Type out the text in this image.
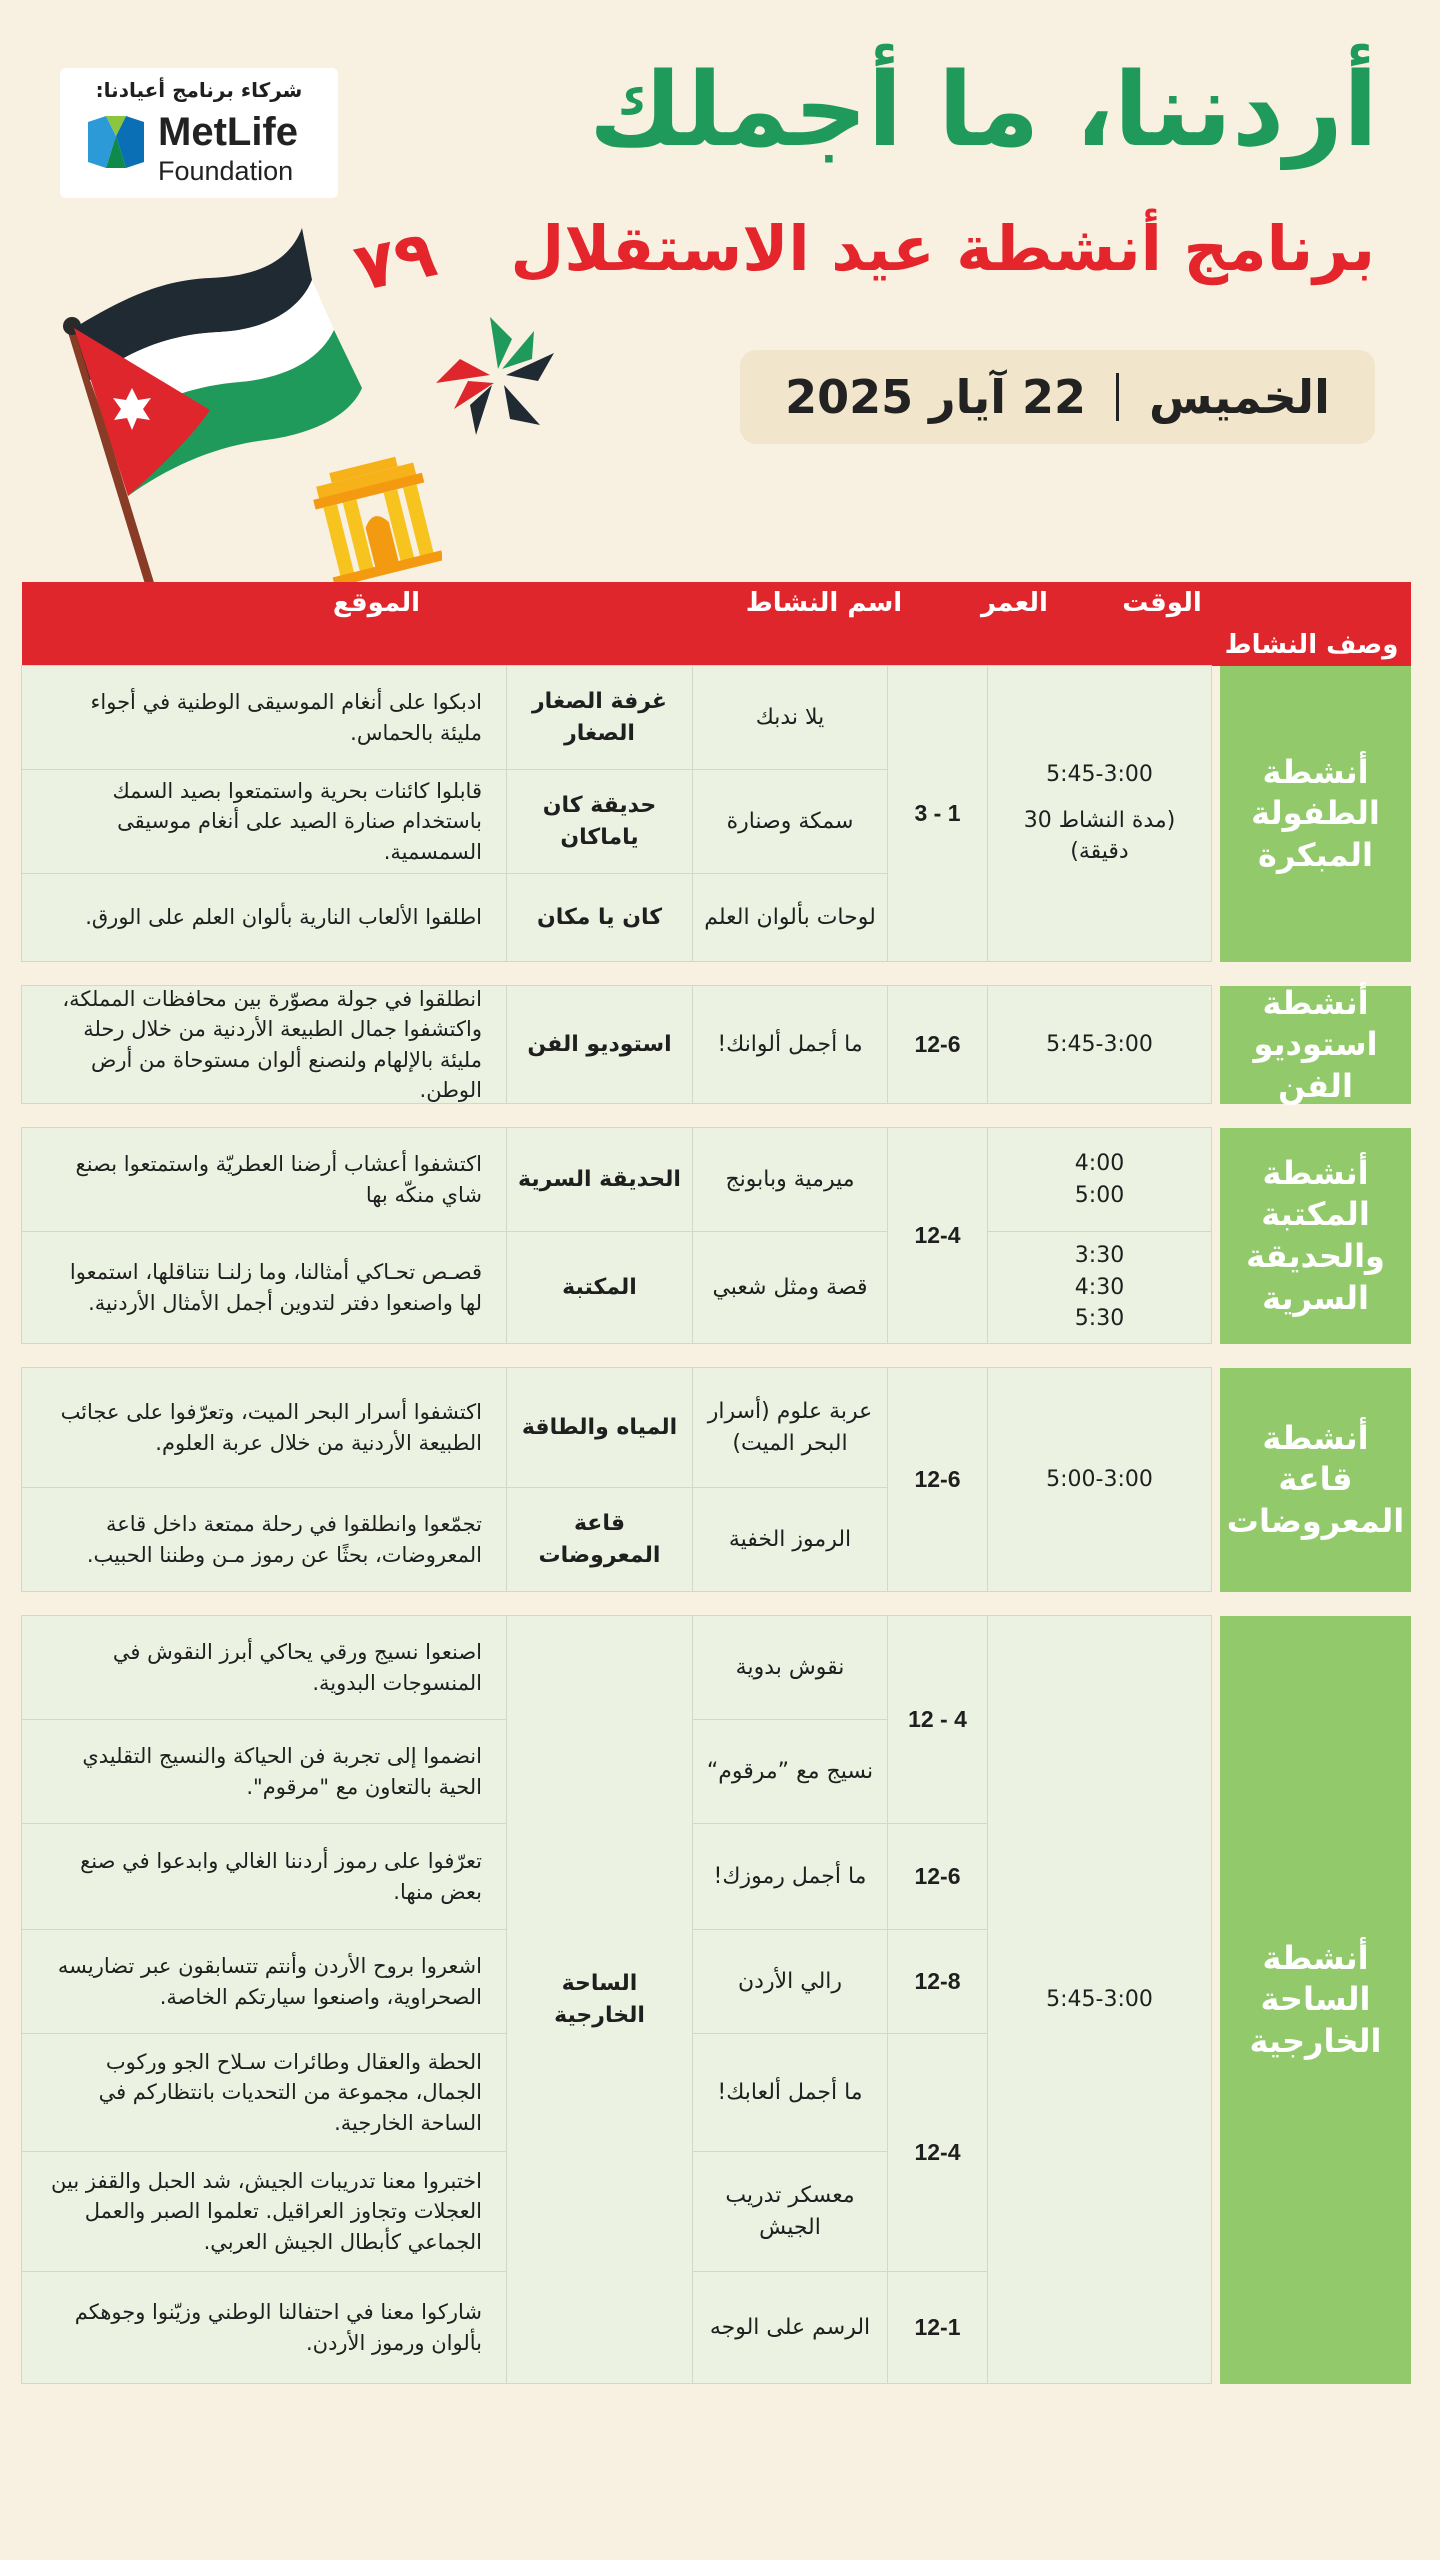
أردننا، ما أجملك
برنامج أنشطة عيد الاستقلال
الخميس
22 آيار 2025
شركاء برنامج أعيادنا:
MetLife
Foundation
٧٩
الوقت
العمر
اسم النشاط
الموقع
وصف النشاط
أنشطة الطفولة المبكرة
5:45-3:00
(مدة النشاط 30 دقيقة)
3 - 1
يلا ندبك
غرفة الصغار الصغار
ادبكوا على أنغام الموسيقى الوطنية في أجواء مليئة بالحماس.
سمكة وصنارة
حديقة كان ياماكان
قابلوا كائنات بحرية واستمتعوا بصيد السمك باستخدام صنارة الصيد على أنغام موسيقى السمسمية.
لوحات بألوان العلم
كان يا مكان
اطلقوا الألعاب النارية بألوان العلم على الورق.
أنشطة استوديو الفن
5:45-3:00
12-6
ما أجمل ألوانك!
استوديو الفن
انطلقوا في جولة مصوّرة بين محافظات المملكة، واكتشفوا جمال الطبيعة الأردنية من خلال رحلة مليئة بالإلهام ولنصنع ألوان مستوحاة من أرض الوطن.
أنشطة المكتبة والحديقة السرية
4:00
5:00
3:30
4:30
5:30
12-4
ميرمية وبابونج
الحديقة السرية
اكتشفوا أعشاب أرضنا العطريّة واستمتعوا بصنع شاي منكّه بها
قصة ومثل شعبي
المكتبة
قصـص تحـاكي أمثالنا، وما زلنـا نتناقلها، استمعوا لها واصنعوا دفتر لتدوين أجمل الأمثال الأردنية.
أنشطة قاعة المعروضات
5:00-3:00
12-6
عربة علوم (أسرار البحر الميت)
المياه والطاقة
اكتشفوا أسرار البحر الميت، وتعرّفوا على عجائب الطبيعة الأردنية من خلال عربة العلوم.
الرموز الخفية
قاعة المعروضات
تجمّعوا وانطلقوا في رحلة ممتعة داخل قاعة المعروضات، بحثًا عن رموز مـن وطننا الحبيب.
أنشطة الساحة الخارجية
5:45-3:00
12 - 4
12-6
12-8
12-4
12-1
نقوش بدوية
نسيج مع ”مرقوم“
ما أجمل رموزك!
رالي الأردن
ما أجمل ألعابك!
معسكر تدريب الجيش
الرسم على الوجه
الساحة الخارجية
اصنعوا نسيج ورقي يحاكي أبرز النقوش في المنسوجات البدوية.
انضموا إلى تجربة فن الحياكة والنسيج التقليدي الحية بالتعاون مع "مرقوم".
تعرّفوا على رموز أردننا الغالي وابدعوا في صنع بعض منها.
اشعروا بروح الأردن وأنتم تتسابقون عبر تضاريسه الصحراوية، واصنعوا سيارتكم الخاصة.
الحطة والعقال وطائرات سـلاح الجو وركوب الجمال، مجموعة من التحديات بانتظاركم في الساحة الخارجية.
اختبروا معنا تدريبات الجيش، شد الحبل والقفز بين العجلات وتجاوز العراقيل. تعلموا الصبر والعمل الجماعي كأبطال الجيش العربي.
شاركوا معنا في احتفالنا الوطني وزيّنوا وجوهكم بألوان ورموز الأردن.
